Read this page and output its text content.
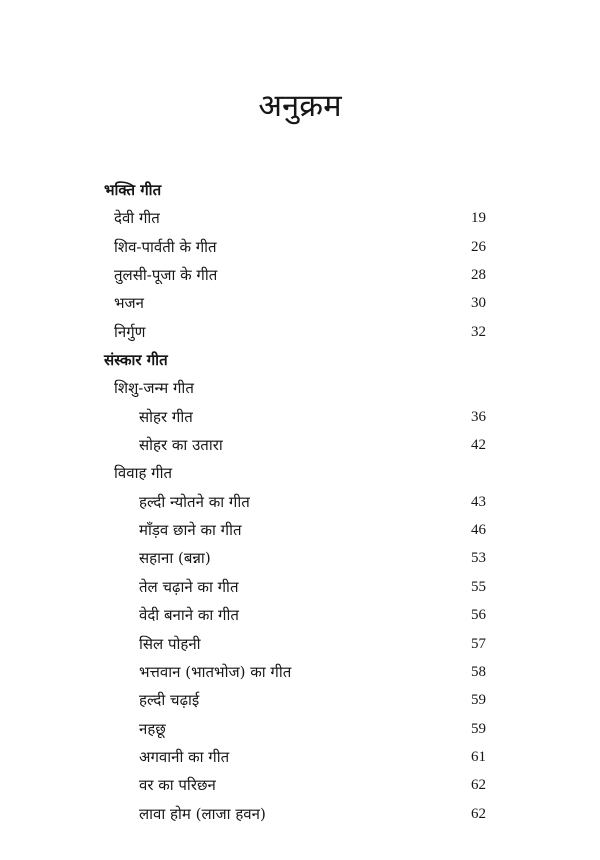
अनुक्रम
भक्ति गीत
देवी गीत	19
शिव-पार्वती के गीत	26
तुलसी-पूजा के गीत	28
भजन	30
निर्गुण	32
संस्कार गीत
शिशु-जन्म गीत
सोहर गीत	36
सोहर का उतारा	42
विवाह गीत
हल्दी न्योतने का गीत	43
माँड़व छाने का गीत	46
सहाना (बन्ना)	53
तेल चढ़ाने का गीत	55
वेदी बनाने का गीत	56
सिल पोहनी	57
भत्तवान (भातभोज) का गीत	58
हल्दी चढ़ाई	59
नहछू	59
अगवानी का गीत	61
वर का परिछन	62
लावा होम (लाजा हवन)	62
